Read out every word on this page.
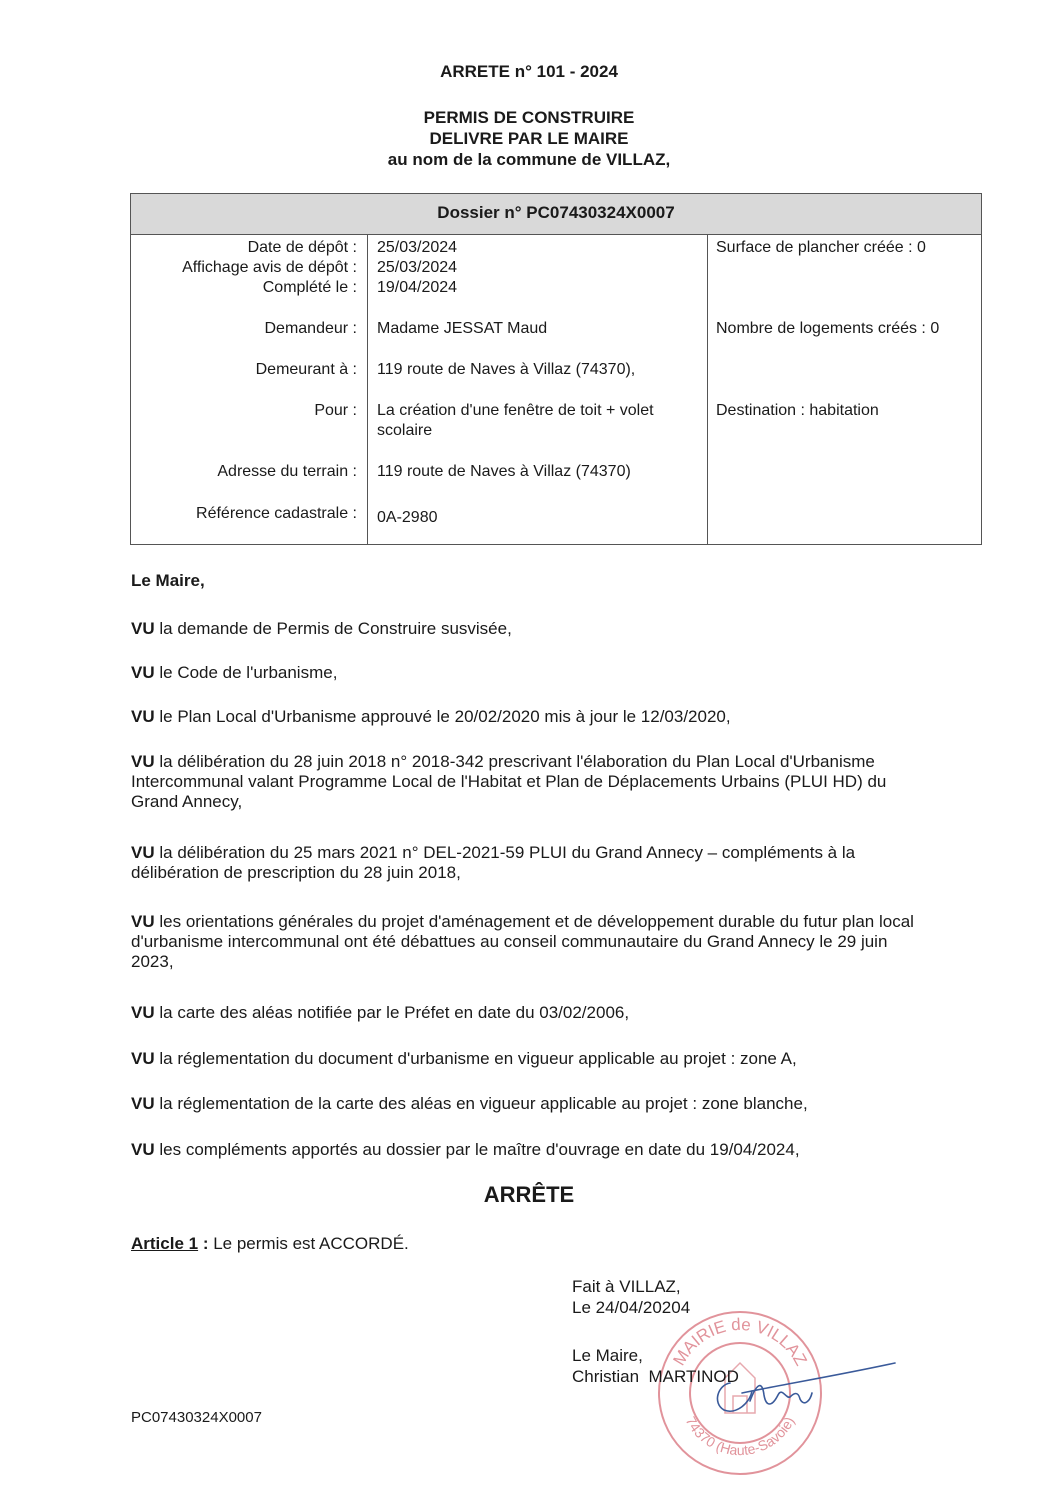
ARRETE n° 101 - 2024
PERMIS DE CONSTRUIRE
DELIVRE PAR LE MAIRE
au nom de la commune de VILLAZ,
Dossier n° PC07430324X0007
Date de dépôt :
Affichage avis de dépôt :
Complété le :
Demandeur :
Demeurant à :
Pour :
Adresse du terrain :
Référence cadastrale :
25/03/2024
25/03/2024
19/04/2024
Madame JESSAT Maud
119 route de Naves à Villaz (74370),
La création d'une fenêtre de toit + volet scolaire
119 route de Naves à Villaz (74370)
0A-2980
Surface de plancher créée : 0
Nombre de logements créés : 0
Destination : habitation
Le Maire,
VU la demande de Permis de Construire susvisée,
VU le Code de l'urbanisme,
VU le Plan Local d'Urbanisme approuvé le 20/02/2020 mis à jour le 12/03/2020,
VU la délibération du 28 juin 2018 n° 2018-342 prescrivant l'élaboration du Plan Local d'Urbanisme Intercommunal valant Programme Local de l'Habitat et Plan de Déplacements Urbains (PLUI HD) du Grand Annecy,
VU la délibération du 25 mars 2021 n° DEL-2021-59 PLUI du Grand Annecy – compléments à la délibération de prescription du 28 juin 2018,
VU les orientations générales du projet d'aménagement et de développement durable du futur plan local d'urbanisme intercommunal ont été débattues au conseil communautaire du Grand Annecy le 29 juin 2023,
VU la carte des aléas notifiée par le Préfet en date du 03/02/2006,
VU la réglementation du document d'urbanisme en vigueur applicable au projet : zone A,
VU la réglementation de la carte des aléas en vigueur applicable au projet : zone blanche,
VU les compléments apportés au dossier par le maître d'ouvrage en date du 19/04/2024,
ARRÊTE
Article 1 : Le permis est ACCORDÉ.
MAIRIE de VILLAZ
74370 (Haute-Savoie)
Fait à VILLAZ,
Le 24/04/20204
Le Maire,
Christian  MARTINOD
PC07430324X0007
